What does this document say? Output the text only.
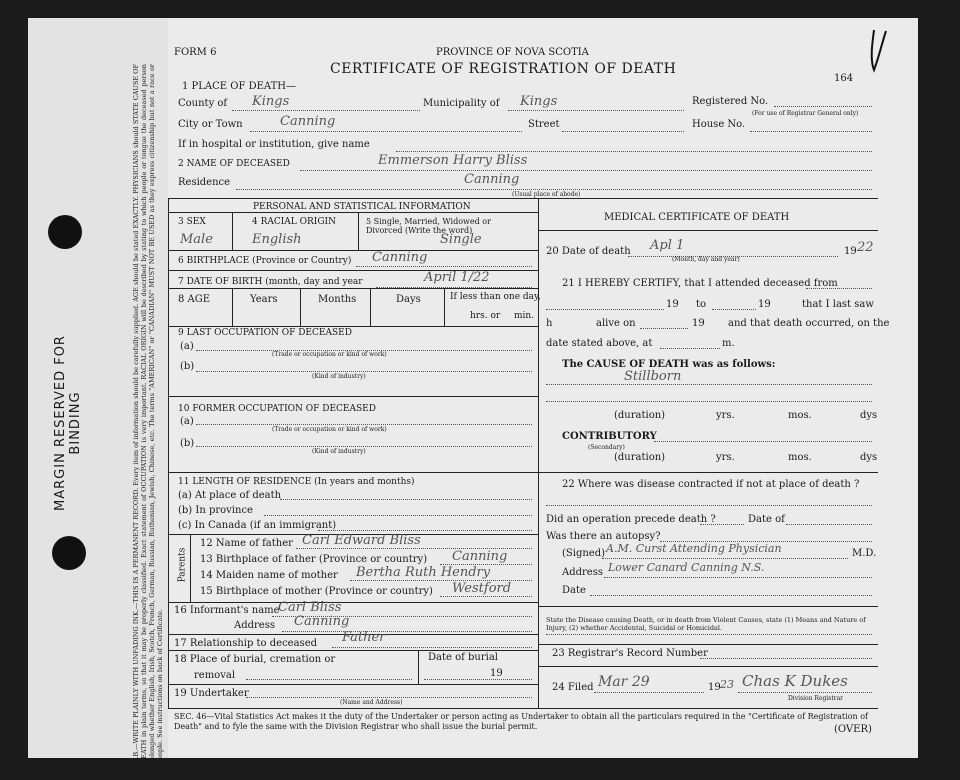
N.B.—WRITE PLAINLY WITH UNFADING INK.—THIS IS A PERMANENT RECORD. Every item of information should be carefully supplied. AGE should be stated EXACTLY. PHYSICIANS should STATE CAUSE OF DEATH in plain terms, so that it may be properly classified. Exact statement of OCCUPATION is very important. RACIAL ORIGIN will be described by stating to which people or tongue the deceased person belonged whether English, Irish, Scotch, French, German, Russian, Ruthenian, Jewish, Chinese, etc. The terms "AMERICAN" or "CANADIAN" MUST NOT BE USED as they express citizenship but not a race or people. See instructions on back of Certificate.
MARGIN RESERVED FOR BINDING
FORM 6	PROVINCE OF NOVA SCOTIA
CERTIFICATE OF REGISTRATION OF DEATH
164
1 PLACE OF DEATH—
County of Kings	Municipality of Kings	Registered No.
(For use of Registrar General only)
City or Town	Canning	Street	House No.
If in hospital or institution, give name
2 NAME OF DECEASED	Emmerson Harry Bliss
Residence	Canning
(Usual place of abode)
PERSONAL AND STATISTICAL INFORMATION
3 SEX
Male
4 RACIAL ORIGIN
English
5 Single, Married, Widowed or Divorced (Write the word)
Single
6 BIRTHPLACE (Province or Country) Canning
7 DATE OF BIRTH (month, day and year	April 1/22
8 AGE	Years	Months	Days	If less than one day,
hrs. or min.
9 LAST OCCUPATION OF DECEASED
(a)
(Trade or occupation or kind of work)
(b)
(Kind of industry)
10 FORMER OCCUPATION OF DECEASED
(a)
(Trade or occupation or kind of work)
(b)
(Kind of industry)
11 LENGTH OF RESIDENCE (In years and months)
(a) At place of death
(b) In province
(c) In Canada (if an immigrant)
Parents
12 Name of father Carl Edward Bliss
13 Birthplace of father (Province or country) Canning
14 Maiden name of mother Bertha Ruth Hendry
15 Birthplace of mother (Province or country) Westford
16 Informant's name
Carl Bliss
Address Canning
17 Relationship to deceased Father
18 Place of burial, cremation or
removal
Date of burial
19
19 Undertaker
(Name and Address)
MEDICAL CERTIFICATE OF DEATH
20 Date of death Apl 1	19 22
(Month, day and year)
21 I HEREBY CERTIFY, that I attended deceased from
19 to	19	that I last saw
h	alive on	19 and that death occurred, on the
date stated above, at	m.
The CAUSE OF DEATH was as follows:
Stillborn
(duration)	yrs.	mos.	dys
CONTRIBUTORY
(Secondary)
(duration)	yrs.	mos.	dys
22 Where was disease contracted if not at place of death ?
Did an operation precede death ?	Date of
Was there an autopsy?
(Signed) A.M. Curst Attending Physician	M.D.
Address Lower Canard Canning N.S.
Date
State the Disease causing Death, or in death from Violent Causes, state (1) Means and Nature of Injury, (2) whether Accidental, Suicidal or Homicidal.
23 Registrar's Record Number
24 Filed Mar 29	19 23 Chas K Dukes
Division Registrar
SEC. 46—Vital Statistics Act makes it the duty of the Undertaker or person acting as Undertaker to obtain all the particulars required in the "Certificate of Registration of Death" and to fyle the same with the Division Registrar who shall issue the burial permit.	(OVER)
